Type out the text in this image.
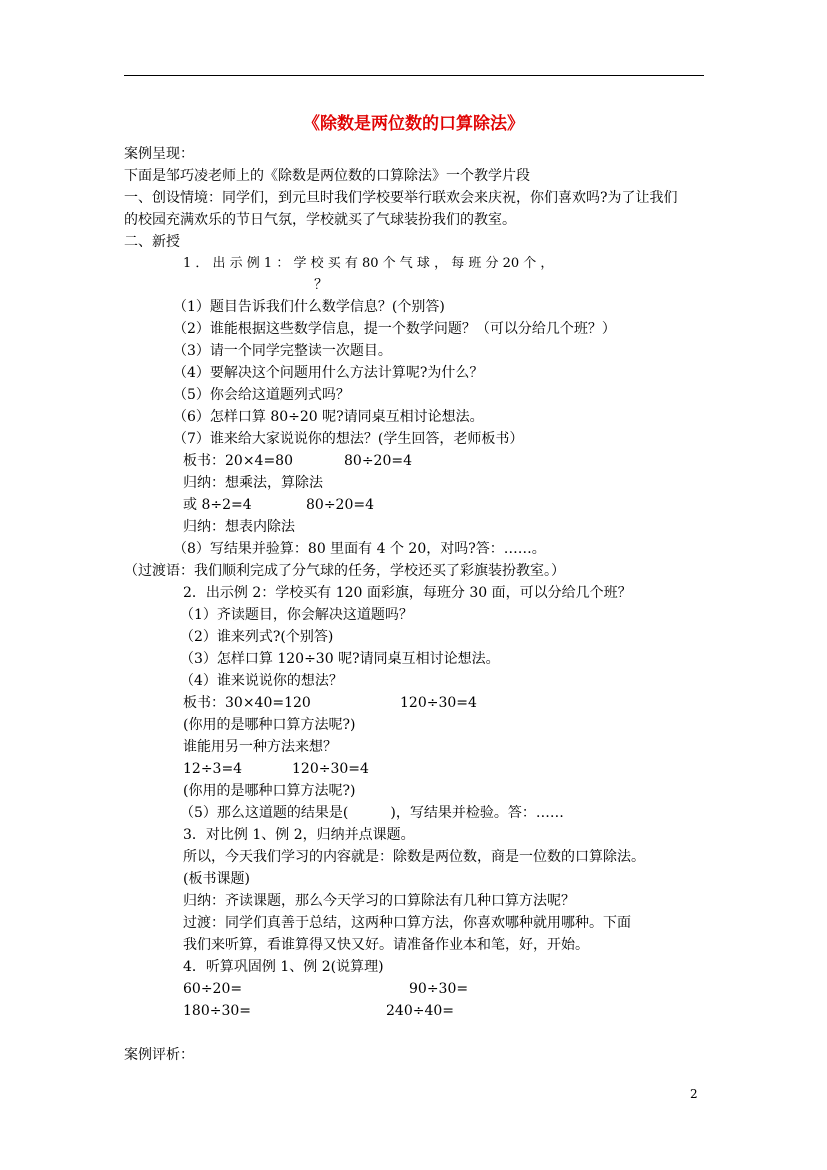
《除数是两位数的口算除法》
案例呈现：
下面是邹巧凌老师上的《除数是两位数的口算除法》一个教学片段
一、创设情境：同学们，到元旦时我们学校要举行联欢会来庆祝，你们喜欢吗?为了让我们
的校园充满欢乐的节日气氛，学校就买了气球装扮我们的教室。
二、新授
1 ． 出 示 例 1 ： 学 校 买 有 80 个 气 球 ， 每 班 分 20 个 ，
？
（1）题目告诉我们什么数学信息？(个别答)
（2）谁能根据这些数学信息，提一个数学问题？（可以分给几个班？）
（3）请一个同学完整读一次题目。
（4）要解决这个问题用什么方法计算呢?为什么？
（5）你会给这道题列式吗？
（6）怎样口算 80÷20 呢?请同桌互相讨论想法。
（7）谁来给大家说说你的想法？(学生回答，老师板书）
板书：20×4=80	80÷20=4
归纳：想乘法，算除法
或 8÷2=4	80÷20=4
归纳：想表内除法
（8）写结果并验算：80 里面有 4 个 20，对吗?答：……。
（过渡语：我们顺利完成了分气球的任务，学校还买了彩旗装扮教室。）
2．出示例 2：学校买有 120 面彩旗，每班分 30 面，可以分给几个班？
（1）齐读题目，你会解决这道题吗？
（2）谁来列式?(个别答)
（3）怎样口算 120÷30 呢?请同桌互相讨论想法。
（4）谁来说说你的想法？
板书：30×40=120	120÷30=4
(你用的是哪种口算方法呢?)
谁能用另一种方法来想？
12÷3=4	120÷30=4
(你用的是哪种口算方法呢?)
（5）那么这道题的结果是(　　　)，写结果并检验。答：……
3．对比例 1、例 2，归纳并点课题。
所以，今天我们学习的内容就是：除数是两位数，商是一位数的口算除法。
(板书课题)
归纳：齐读课题，那么今天学习的口算除法有几种口算方法呢？
过渡：同学们真善于总结，这两种口算方法，你喜欢哪种就用哪种。下面
我们来听算，看谁算得又快又好。请准备作业本和笔，好，开始。
4．听算巩固例 1、例 2(说算理)
60÷20=	90÷30=
180÷30=	240÷40=
案例评析：
2
